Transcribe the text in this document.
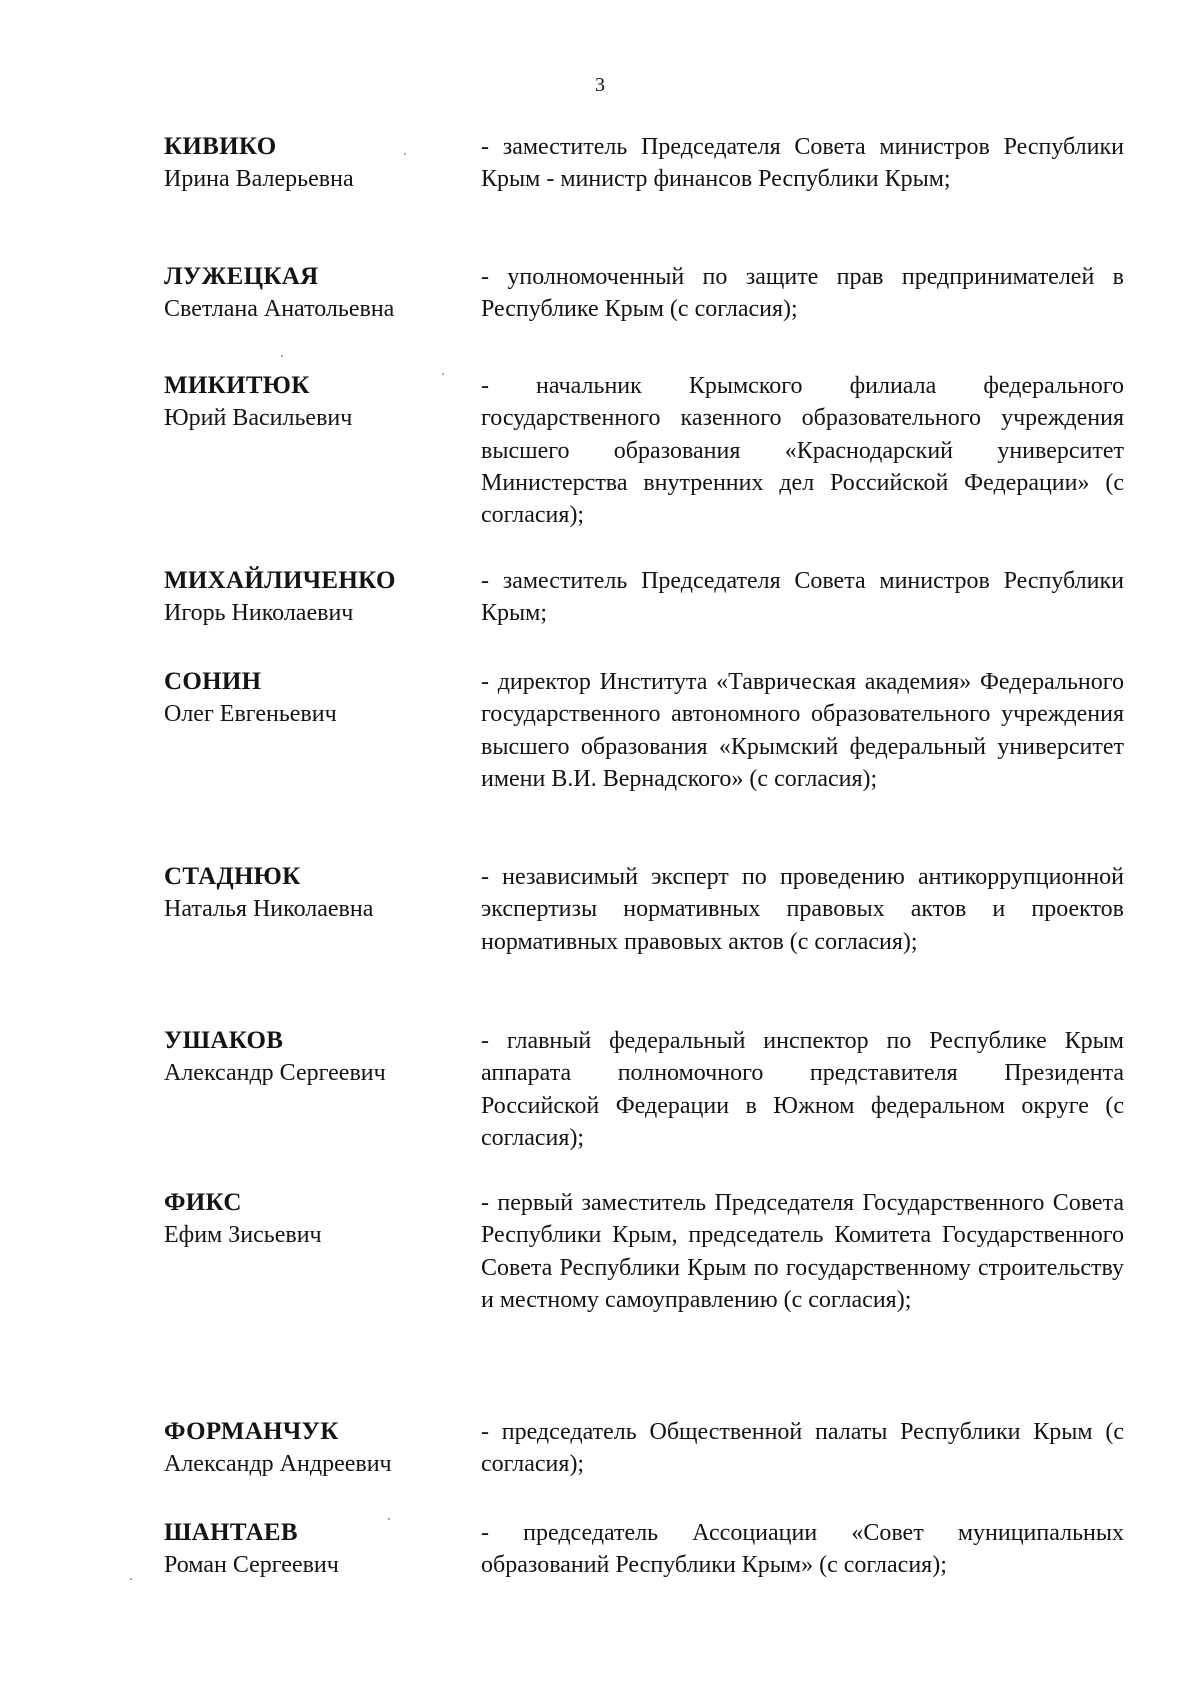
3
КИВИКО
Ирина Валерьевна
- заместитель Председателя Совета министров Республики Крым - министр финансов Республики Крым;
ЛУЖЕЦКАЯ
Светлана Анатольевна
- уполномоченный по защите прав предпринимателей в Республике Крым (с согласия);
МИКИТЮК
Юрий Васильевич
- начальник Крымского филиала федерального государственного казенного образовательного учреждения высшего образования «Краснодарский университет Министерства внутренних дел Российской Федерации» (с согласия);
МИХАЙЛИЧЕНКО
Игорь Николаевич
- заместитель Председателя Совета министров Республики Крым;
СОНИН
Олег Евгеньевич
- директор Института «Таврическая академия» Федерального государственного автономного образовательного учреждения высшего образования «Крымский федеральный университет имени В.И. Вернадского» (с согласия);
СТАДНЮК
Наталья Николаевна
- независимый эксперт по проведению антикоррупционной экспертизы нормативных правовых актов и проектов нормативных правовых актов (с согласия);
УШАКОВ
Александр Сергеевич
- главный федеральный инспектор по Республике Крым аппарата полномочного представителя Президента Российской Федерации в Южном федеральном округе (с согласия);
ФИКС
Ефим Зисьевич
- первый заместитель Председателя Государственного Совета Республики Крым, председатель Комитета Государственного Совета Республики Крым по государственному строительству и местному самоуправлению (с согласия);
ФОРМАНЧУК
Александр Андреевич
- председатель Общественной палаты Республики Крым (с согласия);
ШАНТАЕВ
Роман Сергеевич
- председатель Ассоциации «Совет муниципальных образований Республики Крым» (с согласия);
